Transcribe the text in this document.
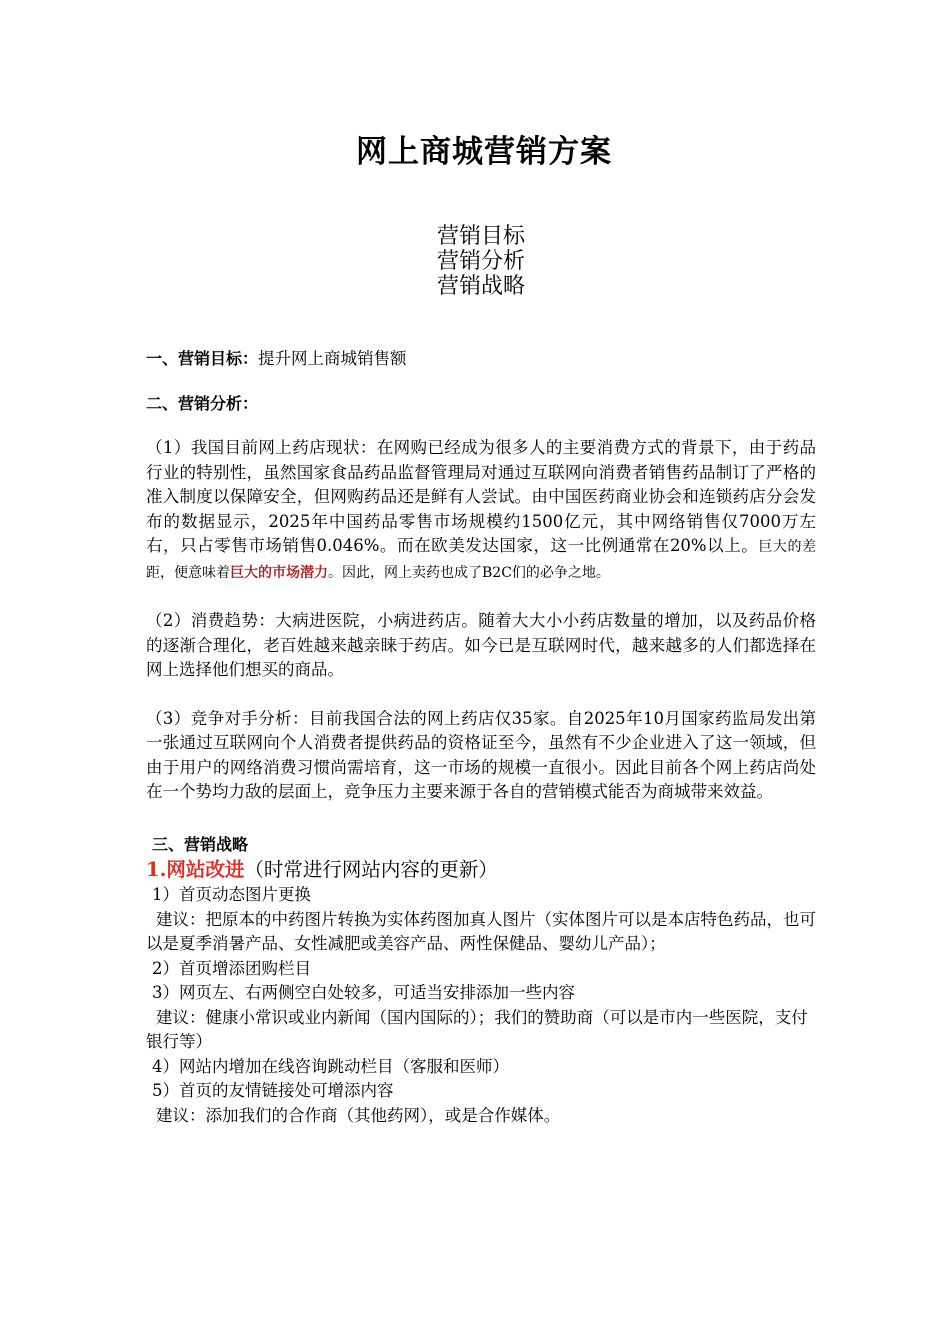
网上商城营销方案
营销目标
营销分析
营销战略
一、营销目标：提升网上商城销售额
二、营销分析：
（1）我国目前网上药店现状：在网购已经成为很多人的主要消费方式的背景下，由于药品行业的特别性，虽然国家食品药品监督管理局对通过互联网向消费者销售药品制订了严格的准入制度以保障安全，但网购药品还是鲜有人尝试。由中国医药商业协会和连锁药店分会发布的数据显示，2025年中国药品零售市场规模约1500亿元，其中网络销售仅7000万左右，只占零售市场销售0.046%。而在欧美发达国家，这一比例通常在20%以上。巨大的差距，便意味着巨大的市场潜力。因此，网上卖药也成了B2C们的必争之地。
（2）消费趋势：大病进医院，小病进药店。随着大大小小药店数量的增加，以及药品价格的逐渐合理化，老百姓越来越亲睐于药店。如今已是互联网时代，越来越多的人们都选择在网上选择他们想买的商品。
（3）竞争对手分析：目前我国合法的网上药店仅35家。自2025年10月国家药监局发出第一张通过互联网向个人消费者提供药品的资格证至今，虽然有不少企业进入了这一领域，但由于用户的网络消费习惯尚需培育，这一市场的规模一直很小。因此目前各个网上药店尚处在一个势均力敌的层面上，竞争压力主要来源于各自的营销模式能否为商城带来效益。
三、营销战略
1.网站改进（时常进行网站内容的更新）
1）首页动态图片更换
建议：把原本的中药图片转换为实体药图加真人图片（实体图片可以是本店特色药品，也可以是夏季消暑产品、女性减肥或美容产品、两性保健品、婴幼儿产品）；
2）首页增添团购栏目
3）网页左、右两侧空白处较多，可适当安排添加一些内容
建议：健康小常识或业内新闻（国内国际的）；我们的赞助商（可以是市内一些医院，支付银行等）
4）网站内增加在线咨询跳动栏目（客服和医师）
5）首页的友情链接处可增添内容
建议：添加我们的合作商（其他药网），或是合作媒体。
